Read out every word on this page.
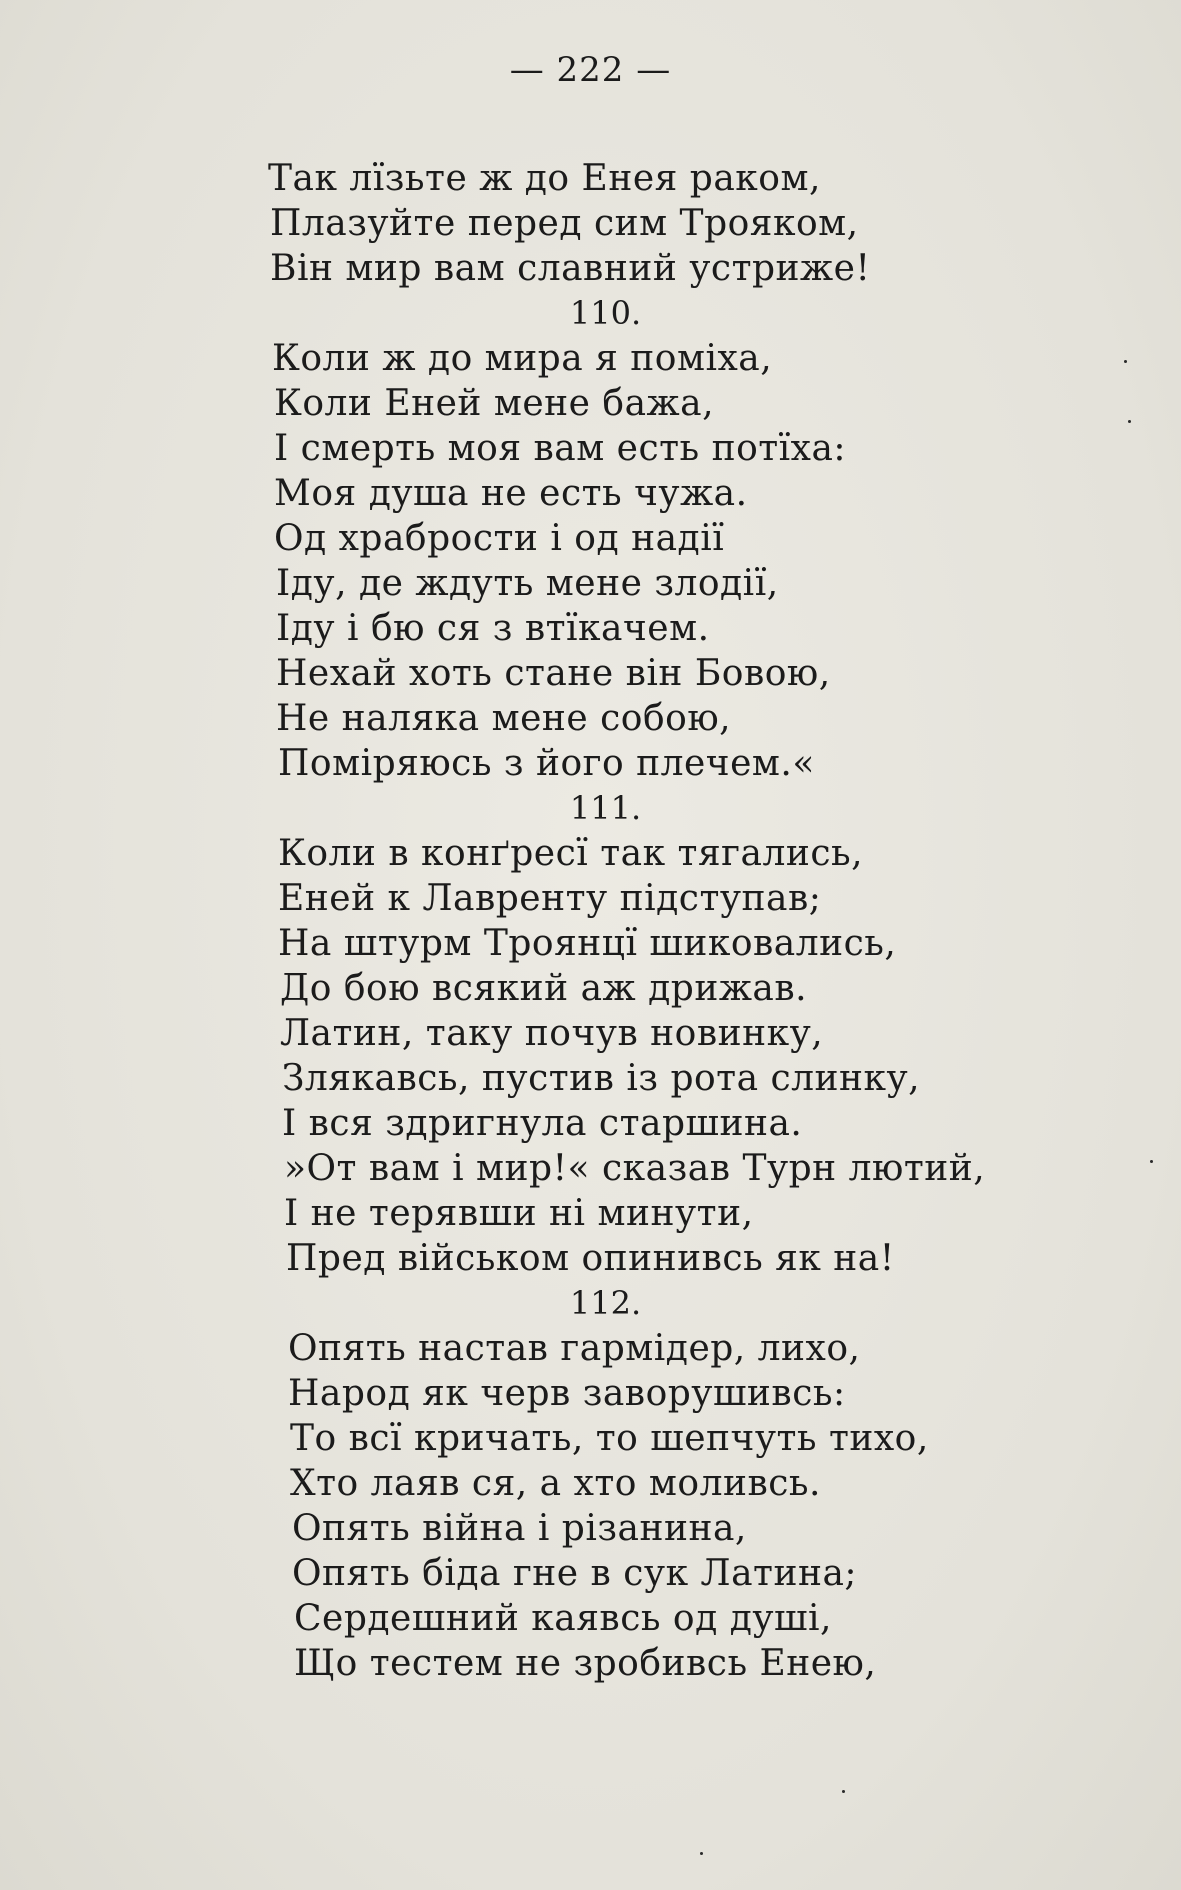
— 222 —
Так лїзьте ж до Енея раком,
Плазуйте перед сим Трояком,
Він мир вам славний устриже!
110.
Коли ж до мира я поміха,
Коли Еней мене бажа,
І смерть моя вам есть потїха:
Моя душа не есть чужа.
Од храбрости і од надії
Іду, де ждуть мене злодії,
Іду і бю ся з втїкачем.
Нехай хоть стане він Бовою,
Не наляка мене собою,
Поміряюсь з його плечем.«
111.
Коли в конґресї так тягались,
Еней к Лавренту підступав;
На штурм Троянцї шиковались,
До бою всякий аж дрижав.
Латин, таку почув новинку,
Злякавсь, пустив із рота слинку,
І вся здригнула старшина.
»От вам і мир!« сказав Турн лютий,
І не терявши ні минути,
Пред військом опинивсь як на!
112.
Опять настав гармідер, лихо,
Народ як черв заворушивсь:
То всї кричать, то шепчуть тихо,
Хто лаяв ся, а хто моливсь.
Опять війна і різанина,
Опять біда гне в сук Латина;
Сердешний каявсь од душі,
Що тестем не зробивсь Енею,
